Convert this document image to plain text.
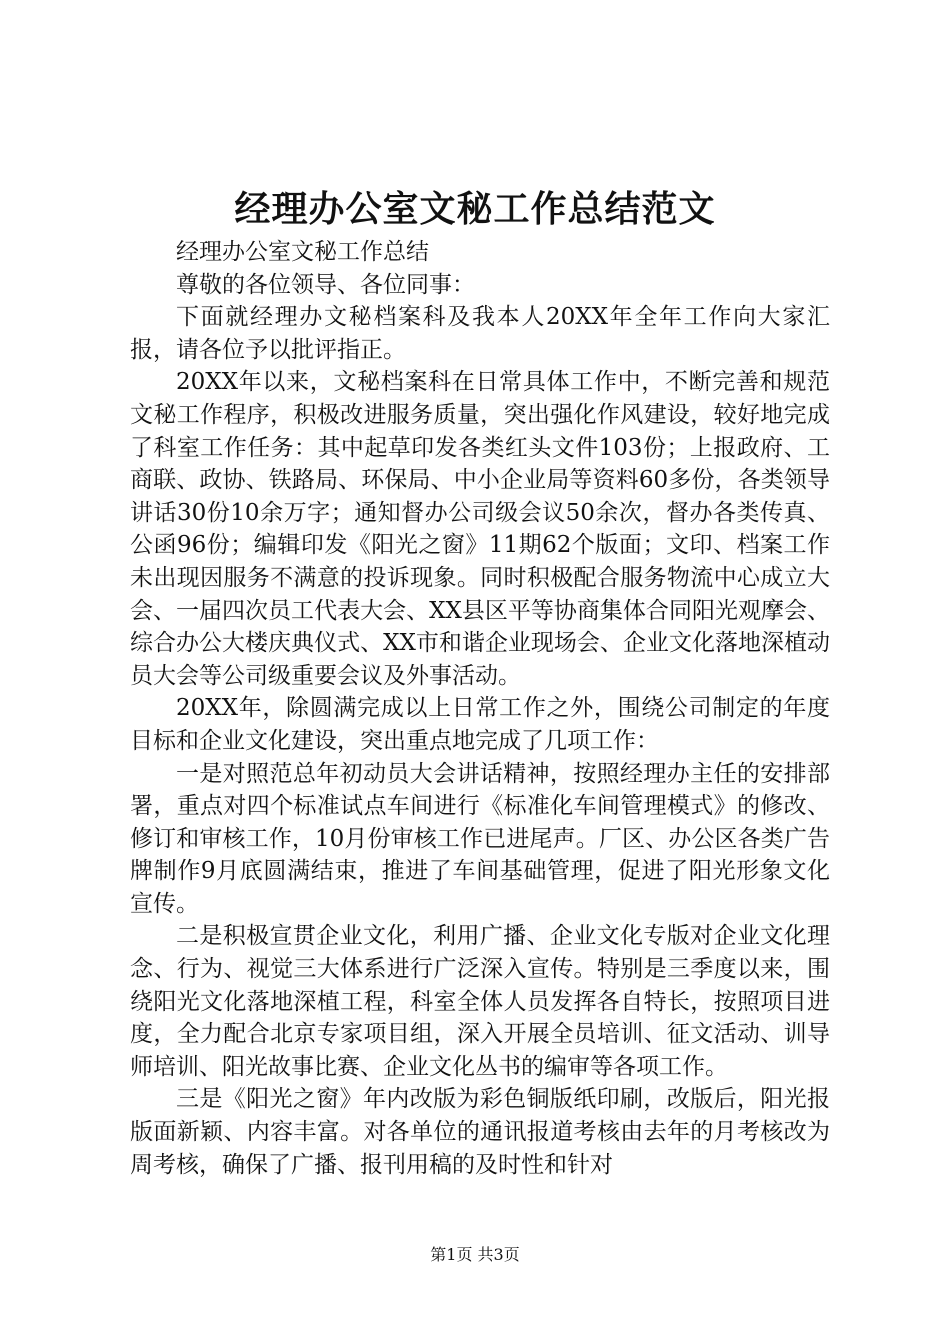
经理办公室文秘工作总结范文

经理办公室文秘工作总结

尊敬的各位领导、各位同事：

下面就经理办文秘档案科及我本人20XX年全年工作向大家汇报，请各位予以批评指正。

20XX年以来，文秘档案科在日常具体工作中，不断完善和规范文秘工作程序，积极改进服务质量，突出强化作风建设，较好地完成了科室工作任务：其中起草印发各类红头文件103份；上报政府、工商联、政协、铁路局、环保局、中小企业局等资料60多份，各类领导讲话30份10余万字；通知督办公司级会议50余次，督办各类传真、公函96份；编辑印发《阳光之窗》11期62个版面；文印、档案工作未出现因服务不满意的投诉现象。同时积极配合服务物流中心成立大会、一届四次员工代表大会、XX县区平等协商集体合同阳光观摩会、综合办公大楼庆典仪式、XX市和谐企业现场会、企业文化落地深植动员大会等公司级重要会议及外事活动。

20XX年，除圆满完成以上日常工作之外，围绕公司制定的年度目标和企业文化建设，突出重点地完成了几项工作：

一是对照范总年初动员大会讲话精神，按照经理办主任的安排部署，重点对四个标准试点车间进行《标准化车间管理模式》的修改、修订和审核工作，10月份审核工作已进尾声。厂区、办公区各类广告牌制作9月底圆满结束，推进了车间基础管理，促进了阳光形象文化宣传。

二是积极宣贯企业文化，利用广播、企业文化专版对企业文化理念、行为、视觉三大体系进行广泛深入宣传。特别是三季度以来，围绕阳光文化落地深植工程，科室全体人员发挥各自特长，按照项目进度，全力配合北京专家项目组，深入开展全员培训、征文活动、训导师培训、阳光故事比赛、企业文化丛书的编审等各项工作。

三是《阳光之窗》年内改版为彩色铜版纸印刷，改版后，阳光报版面新颖、内容丰富。对各单位的通讯报道考核由去年的月考核改为周考核，确保了广播、报刊用稿的及时性和针对

第1页 共3页
